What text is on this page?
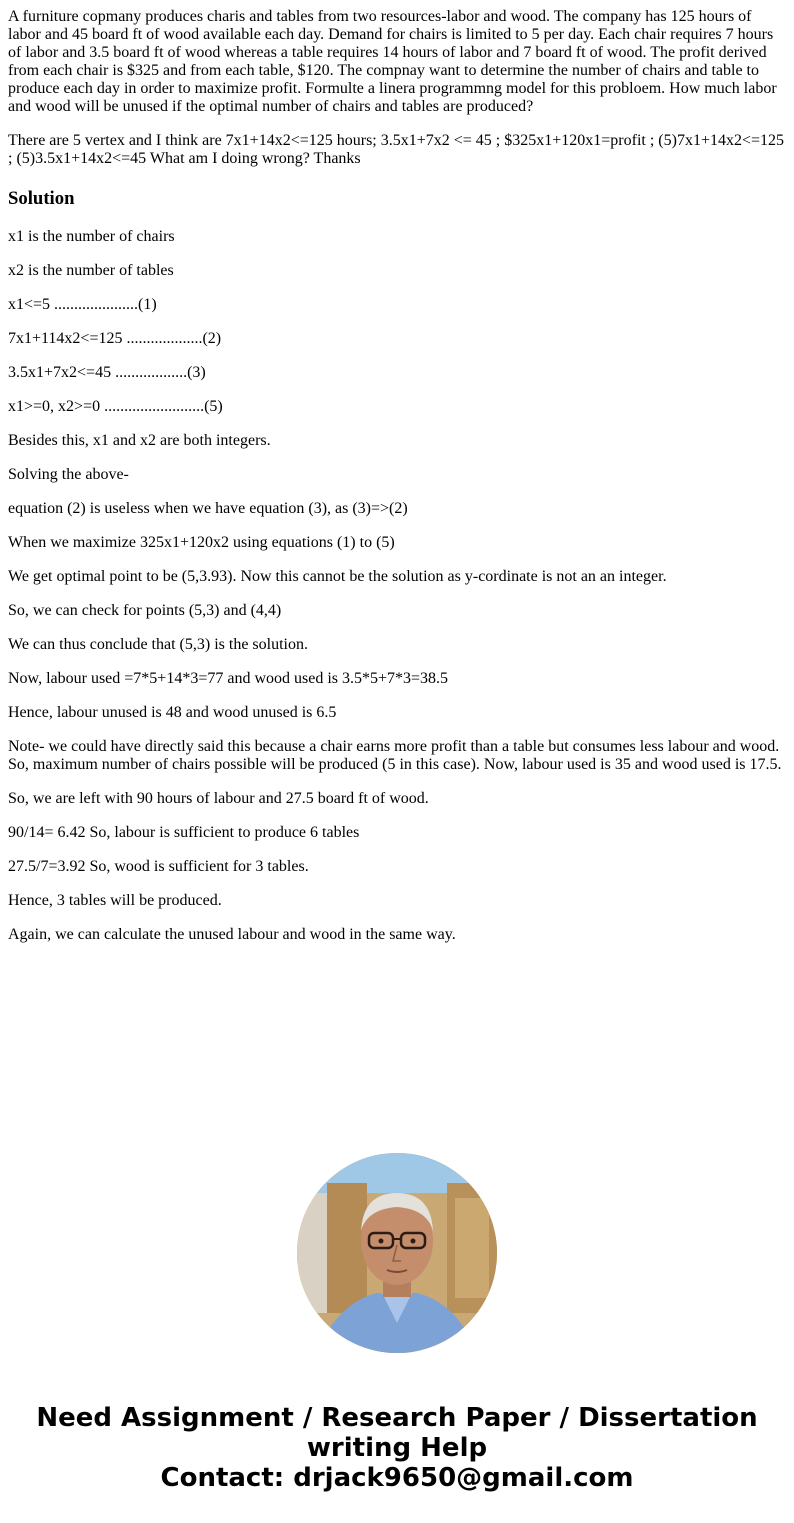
A furniture copmany produces charis and tables from two resources-labor and wood. The company has 125 hours of labor and 45 board ft of wood available each day. Demand for chairs is limited to 5 per day. Each chair requires 7 hours of labor and 3.5 board ft of wood whereas a table requires 14 hours of labor and 7 board ft of wood. The profit derived from each chair is $325 and from each table, $120. The compnay want to determine the number of chairs and table to produce each day in order to maximize profit. Formulte a linera programmng model for this probloem. How much labor and wood will be unused if the optimal number of chairs and tables are produced?

There are 5 vertex and I think are 7x1+14x2<=125 hours; 3.5x1+7x2 <= 45 ; $325x1+120x1=profit ; (5)7x1+14x2<=125 ; (5)3.5x1+14x2<=45 What am I doing wrong? Thanks

Solution

x1 is the number of chairs

x2 is the number of tables

x1<=5 .....................(1)

7x1+114x2<=125 ...................(2)

3.5x1+7x2<=45 ..................(3)

x1>=0, x2>=0 .........................(5)

Besides this, x1 and x2 are both integers.

Solving the above-

equation (2) is useless when we have equation (3), as (3)=>(2)

When we maximize 325x1+120x2 using equations (1) to (5)

We get optimal point to be (5,3.93). Now this cannot be the solution as y-cordinate is not an an integer.

So, we can check for points (5,3) and (4,4)

We can thus conclude that (5,3) is the solution.

Now, labour used =7*5+14*3=77 and wood used is 3.5*5+7*3=38.5

Hence, labour unused is 48 and wood unused is 6.5

Note- we could have directly said this because a chair earns more profit than a table but consumes less labour and wood. So, maximum number of chairs possible will be produced (5 in this case). Now, labour used is 35 and wood used is 17.5.

So, we are left with 90 hours of labour and 27.5 board ft of wood.

90/14= 6.42 So, labour is sufficient to produce 6 tables

27.5/7=3.92 So, wood is sufficient for 3 tables.

Hence, 3 tables will be produced.

Again, we can calculate the unused labour and wood in the same way.

Need Assignment / Research Paper / Dissertation
writing Help
Contact: drjack9650@gmail.com
